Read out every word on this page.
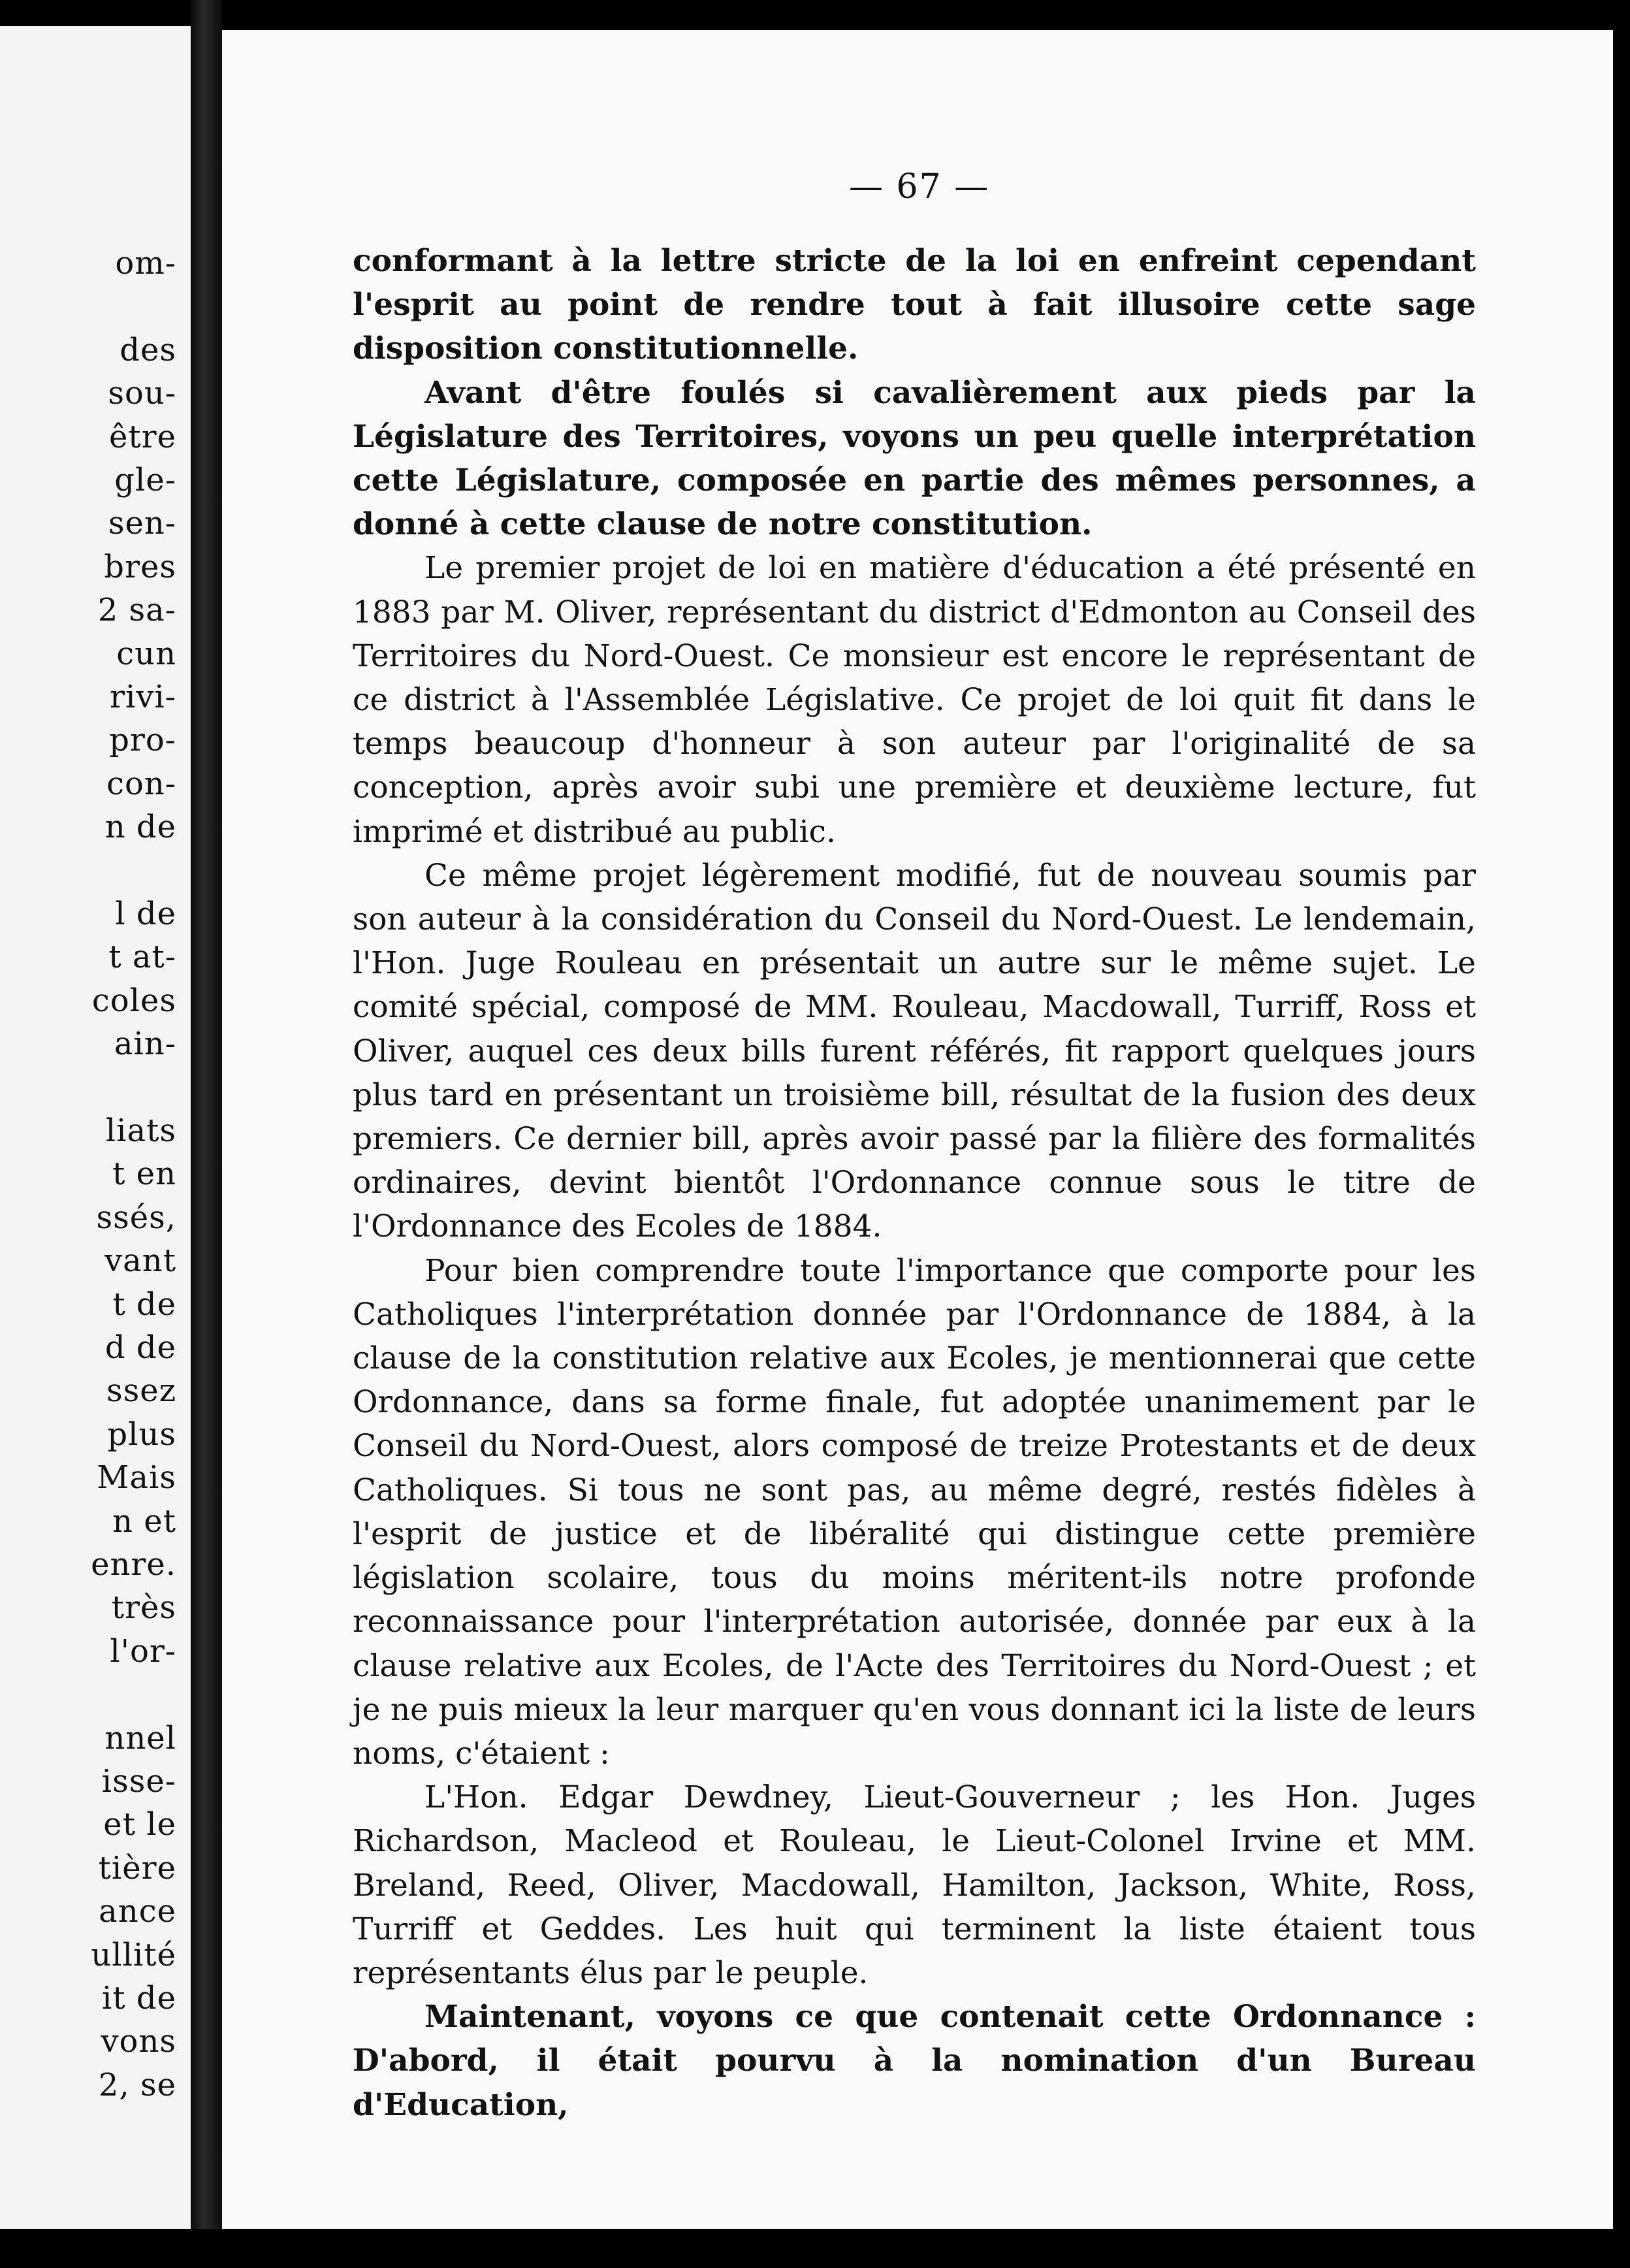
om-
des
sou-
être
gle-
sen-
bres
2 sa-
cun
rivi-
pro-
con-
n de
l de
t at-
coles
ain-
liats
t en
ssés,
vant
t de
d de
ssez
plus
Mais
n et
enre.
très
l'or-
nnel
isse-
et le
tière
ance
ullité
it de
vons
2, se
— 67 —

conformant à la lettre stricte de la loi en enfreint cependant l'esprit au point de rendre tout à fait illusoire cette sage disposition constitutionnelle.

Avant d'être foulés si cavalièrement aux pieds par la Législature des Territoires, voyons un peu quelle interprétation cette Législature, composée en partie des mêmes personnes, a donné à cette clause de notre constitution.

Le premier projet de loi en matière d'éducation a été présenté en 1883 par M. Oliver, représentant du district d'Edmonton au Conseil des Territoires du Nord-Ouest. Ce monsieur est encore le représentant de ce district à l'Assemblée Législative. Ce projet de loi quit fit dans le temps beaucoup d'honneur à son auteur par l'originalité de sa conception, après avoir subi une première et deuxième lecture, fut imprimé et distribué au public.

Ce même projet légèrement modifié, fut de nouveau soumis par son auteur à la considération du Conseil du Nord-Ouest. Le lendemain, l'Hon. Juge Rouleau en présentait un autre sur le même sujet. Le comité spécial, composé de MM. Rouleau, Macdowall, Turriff, Ross et Oliver, auquel ces deux bills furent référés, fit rapport quelques jours plus tard en présentant un troisième bill, résultat de la fusion des deux premiers. Ce dernier bill, après avoir passé par la filière des formalités ordinaires, devint bientôt l'Ordonnance connue sous le titre de l'Ordonnance des Ecoles de 1884.

Pour bien comprendre toute l'importance que comporte pour les Catholiques l'interprétation donnée par l'Ordonnance de 1884, à la clause de la constitution relative aux Ecoles, je mentionnerai que cette Ordonnance, dans sa forme finale, fut adoptée unanimement par le Conseil du Nord-Ouest, alors composé de treize Protestants et de deux Catholiques. Si tous ne sont pas, au même degré, restés fidèles à l'esprit de justice et de libéralité qui distingue cette première législation scolaire, tous du moins méritent-ils notre profonde reconnaissance pour l'interprétation autorisée, donnée par eux à la clause relative aux Ecoles, de l'Acte des Territoires du Nord-Ouest ; et je ne puis mieux la leur marquer qu'en vous donnant ici la liste de leurs noms, c'étaient :

L'Hon. Edgar Dewdney, Lieut-Gouverneur ; les Hon. Juges Richardson, Macleod et Rouleau, le Lieut-Colonel Irvine et MM. Breland, Reed, Oliver, Macdowall, Hamilton, Jackson, White, Ross, Turriff et Geddes. Les huit qui terminent la liste étaient tous représentants élus par le peuple.

Maintenant, voyons ce que contenait cette Ordonnance : D'abord, il était pourvu à la nomination d'un Bureau d'Education,
